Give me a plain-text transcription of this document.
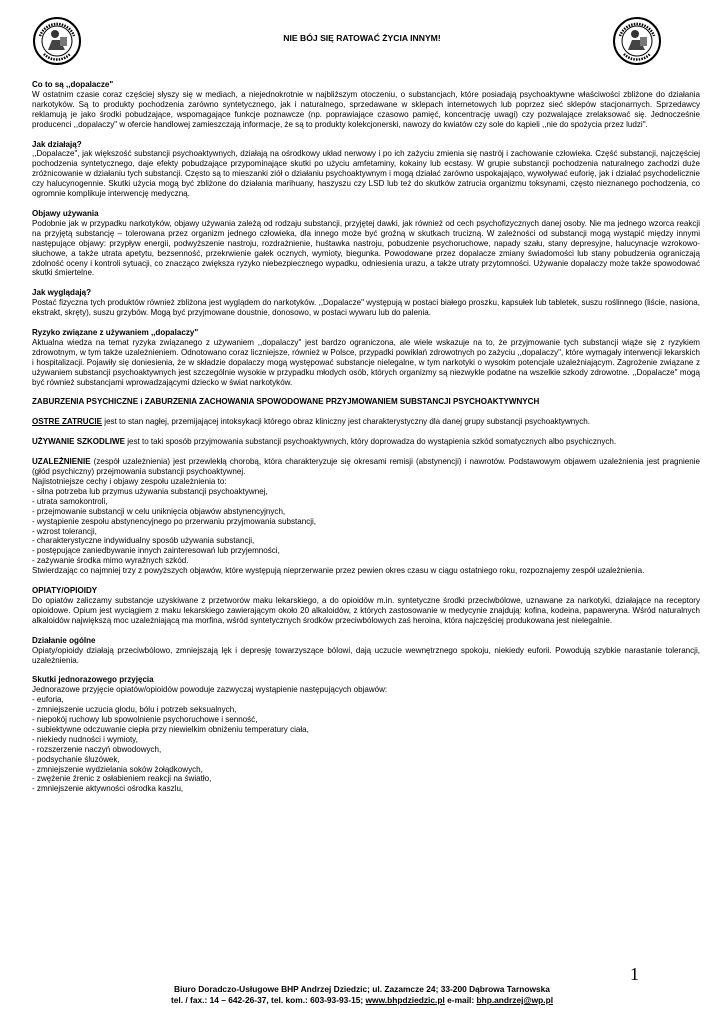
NIE BÓJ SIĘ RATOWAĆ ŻYCIA INNYM!

Co to są ,,dopalacze"

W ostatnim czasie coraz częściej słyszy się w mediach, a niejednokrotnie w najbliższym otoczeniu, o substancjach, które posiadają psychoaktywne właściwości zbliżone do działania narkotyków. Są to produkty pochodzenia zarówno syntetycznego, jak i naturalnego, sprzedawane w sklepach internetowych lub poprzez sieć sklepów stacjonarnych. Sprzedawcy reklamują je jako środki pobudzające, wspomagające funkcje poznawcze (np. poprawiające czasowo pamięć, koncentrację uwagi) czy pozwalające zrelaksować się. Jednocześnie producenci ,,dopalaczy" w ofercie handlowej zamieszczają informacje, że są to produkty kolekcjonerski, nawozy do kwiatów czy sole do kąpieli ,,nie do spożycia przez ludzi".

Jak działają?

,,Dopalacze", jak większość substancji psychoaktywnych, działają na ośrodkowy układ nerwowy i po ich zażyciu zmienia się nastrój i zachowanie człowieka. Część substancji, najczęściej pochodzenia syntetycznego, daje efekty pobudzające przypominające skutki po użyciu amfetaminy, kokainy lub ecstasy. W grupie substancji pochodzenia naturalnego zachodzi duże zróżnicowanie w działaniu tych substancji. Często są to mieszanki ziół o działaniu psychoaktywnym i mogą działać zarówno uspokajająco, wywoływać euforię, jak i działać psychodelicznie czy halucynogennie. Skutki użycia mogą być zbliżone do działania marihuany, haszyszu czy LSD lub też do skutków zatrucia organizmu toksynami, często nieznanego pochodzenia, co ogromnie komplikuje interwencję medyczną.

Objawy używania

Podobnie jak w przypadku narkotyków, objawy używania zależą od rodzaju substancji, przyjętej dawki, jak również od cech psychofizycznych danej osoby. Nie ma jednego wzorca reakcji na przyjętą substancję – tolerowana przez organizm jednego człowieka, dla innego może być groźną w skutkach trucizną. W zależności od substancji mogą wystąpić między innymi następujące objawy: przypływ energii, podwyższenie nastroju, rozdrażnienie, huśtawka nastroju, pobudzenie psychoruchowe, napady szału, stany depresyjne, halucynacje wzrokowo-słuchowe, a także utrata apetytu, bezsenność, przekrwienie gałek ocznych, wymioty, biegunka. Powodowane przez dopalacze zmiany świadomości lub stany pobudzenia ograniczają zdolność oceny i kontroli sytuacji, co znacząco zwiększa ryzyko niebezpiecznego wypadku, odniesienia urazu, a także utraty przytomności. Używanie dopalaczy może także spowodować skutki śmiertelne.

Jak wyglądają?

Postać fizyczna tych produktów również zbliżona jest wyglądem do narkotyków. ,,Dopalacze" występują w postaci białego proszku, kapsułek lub tabletek, suszu roślinnego (liście, nasiona, ekstrakt, skręty), suszu grzybów. Mogą być przyjmowane doustnie, donosowo, w postaci wywaru lub do palenia.

Ryzyko związane z używaniem ,,dopalaczy"

Aktualna wiedza na temat ryzyka związanego z używaniem ,,dopalaczy" jest bardzo ograniczona, ale wiele wskazuje na to, że przyjmowanie tych substancji wiąże się z ryzykiem zdrowotnym, w tym także uzależnieniem. Odnotowano coraz liczniejsze, również w Polsce, przypadki powikłań zdrowotnych po zażyciu ,,dopalaczy", które wymagały interwencji lekarskich i hospitalizacji. Pojawiły się doniesienia, że w składzie dopalaczy mogą występować substancje nielegalne, w tym narkotyki o wysokim potencjale uzależniającym. Zagrożenie związane z używaniem substancji psychoaktywnych jest szczególnie wysokie w przypadku młodych osób, których organizmy są niezwykle podatne na wszelkie szkody zdrowotne. ,,Dopalacze" mogą być również substancjami wprowadzającymi dziecko w świat narkotyków.

ZABURZENIA PSYCHICZNE i ZABURZENIA ZACHOWANIA SPOWODOWANE PRZYJMOWANIEM SUBSTANCJI PSYCHOAKTYWNYCH

OSTRE ZATRUCIE jest to stan nagłej, przemijającej intoksykacji którego obraz kliniczny jest charakterystyczny dla danej grupy substancji psychoaktywnych.

UŻYWANIE SZKODLIWE jest to taki sposób przyjmowania substancji psychoaktywnych, który doprowadza do wystąpienia szkód somatycznych albo psychicznych.

UZALEŻNIENIE (zespół uzależnienia) jest przewlekłą chorobą, która charakteryzuje się okresami remisji (abstynencji) i nawrotów. Podstawowym objawem uzależnienia jest pragnienie (głód psychiczny) przejmowania substancji psychoaktywnej.

Najistotniejsze cechy i objawy zespołu uzależnienia to:

- silna potrzeba lub przymus używania substancji psychoaktywnej,
- utrata samokontroli,
- przejmowanie substancji w celu uniknięcia objawów abstynencyjnych,
- wystąpienie zespołu abstynencyjnego po przerwaniu przyjmowania substancji,
- wzrost tolerancji,
- charakterystyczne indywidualny sposób używania substancji,
- postępujące zaniedbywanie innych zainteresowań lub przyjemności,
- zażywanie środka mimo wyraźnych szkód.

Stwierdzając co najmniej trzy z powyższych objawów, które występują nieprzerwanie przez pewien okres czasu w ciągu ostatniego roku, rozpoznajemy zespół uzależnienia.

OPIATY/OPIOIDY

Do opiatów zaliczamy substancje uzyskiwane z przetworów maku lekarskiego, a do opioidów m.in. syntetyczne środki przeciwbólowe, uznawane za narkotyki, działające na receptory opioidowe. Opium jest wyciągiem z maku lekarskiego zawierającym około 20 alkaloidów, z których zastosowanie w medycynie znajdują: kofina, kodeina, papaweryna. Wśród naturalnych alkaloidów największą moc uzależniającą ma morfina, wśród syntetycznych środków przeciwbólowych zaś heroina, która najczęściej produkowana jest nielegalnie.

Działanie ogólne

Opiaty/opioidy działają przeciwbólowo, zmniejszają lęk i depresję towarzyszące bólowi, dają uczucie wewnętrznego spokoju, niekiedy euforii. Powodują szybkie narastanie tolerancji, uzależnienia.

Skutki jednorazowego przyjęcia

Jednorazowe przyjęcie opiatów/opioidów powoduje zazwyczaj wystąpienie następujących objawów:

- euforia,
- zmniejszenie uczucia głodu, bólu i potrzeb seksualnych,
- niepokój ruchowy lub spowolnienie psychoruchowe i senność,
- subiektywne odczuwanie ciepła przy niewielkim obniżeniu temperatury ciała,
- niekiedy nudności i wymioty,
- rozszerzenie naczyń obwodowych,
- podsychanie śluzówek,
- zmniejszenie wydzielania soków żołądkowych,
- zwężenie źrenic z osłabieniem reakcji na światło,
- zmniejszenie aktywności ośrodka kaszlu,
1
Biuro Doradczo-Usługowe BHP Andrzej Dziedzic; ul. Zazamcze 24; 33-200 Dąbrowa Tarnowska
tel. / fax.: 14 – 642-26-37, tel. kom.: 603-93-93-15; www.bhpdziedzic.pl e-mail: bhp.andrzej@wp.pl
